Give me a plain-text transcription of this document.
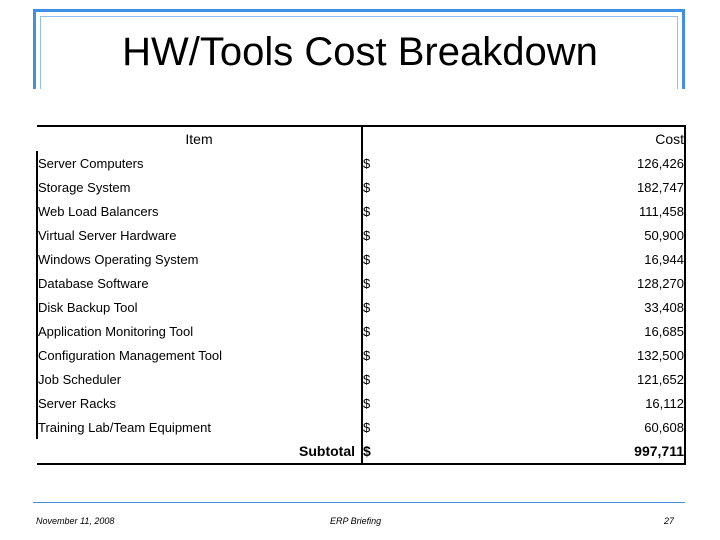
HW/Tools Cost Breakdown
Item	Cost	
Server Computers	$	126,426
Storage System	$	182,747
Web Load Balancers	$	111,458
Virtual Server Hardware	$	50,900
Windows Operating System	$	16,944
Database Software	$	128,270
Disk Backup Tool	$	33,408
Application Monitoring Tool	$	16,685
Configuration Management Tool	$	132,500
Job Scheduler	$	121,652
Server Racks	$	16,112
Training Lab/Team Equipment	$	60,608
Subtotal	$	997,711
November 11, 2008	ERP Briefing	27
